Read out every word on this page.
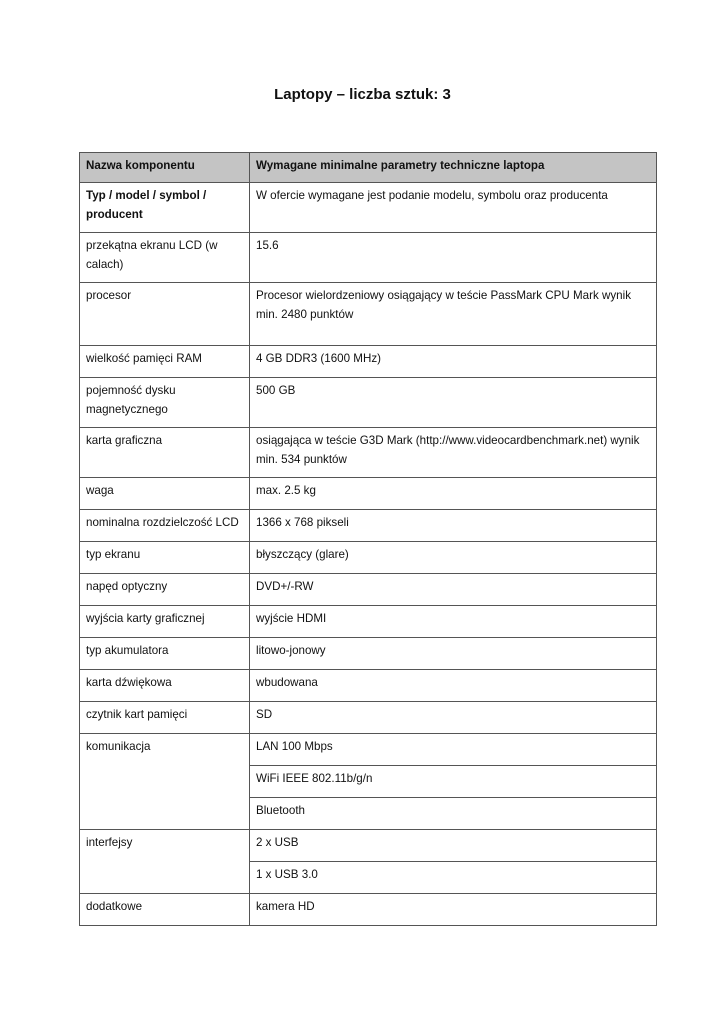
Laptopy – liczba sztuk: 3
Nazwa komponentu	Wymagane minimalne parametry techniczne laptopa
Typ / model / symbol / producent	W ofercie wymagane jest podanie modelu, symbolu oraz producenta
przekątna ekranu LCD (w calach)	15.6
procesor	Procesor wielordzeniowy osiągający w teście PassMark CPU Mark wynik min. 2480 punktów
wielkość pamięci RAM	4 GB DDR3 (1600 MHz)
pojemność dysku magnetycznego	500 GB
karta graficzna	osiągająca w teście G3D Mark (http://www.videocardbenchmark.net) wynik min. 534 punktów
waga	max. 2.5 kg
nominalna rozdzielczość LCD	1366 x 768 pikseli
typ ekranu	błyszczący (glare)
napęd optyczny	DVD+/-RW
wyjścia karty graficznej	wyjście HDMI
typ akumulatora	litowo-jonowy
karta dźwiękowa	wbudowana
czytnik kart pamięci	SD
komunikacja	LAN 100 Mbps
	WiFi IEEE 802.11b/g/n
	Bluetooth
interfejsy	2 x USB
	1 x USB 3.0
dodatkowe	kamera HD
